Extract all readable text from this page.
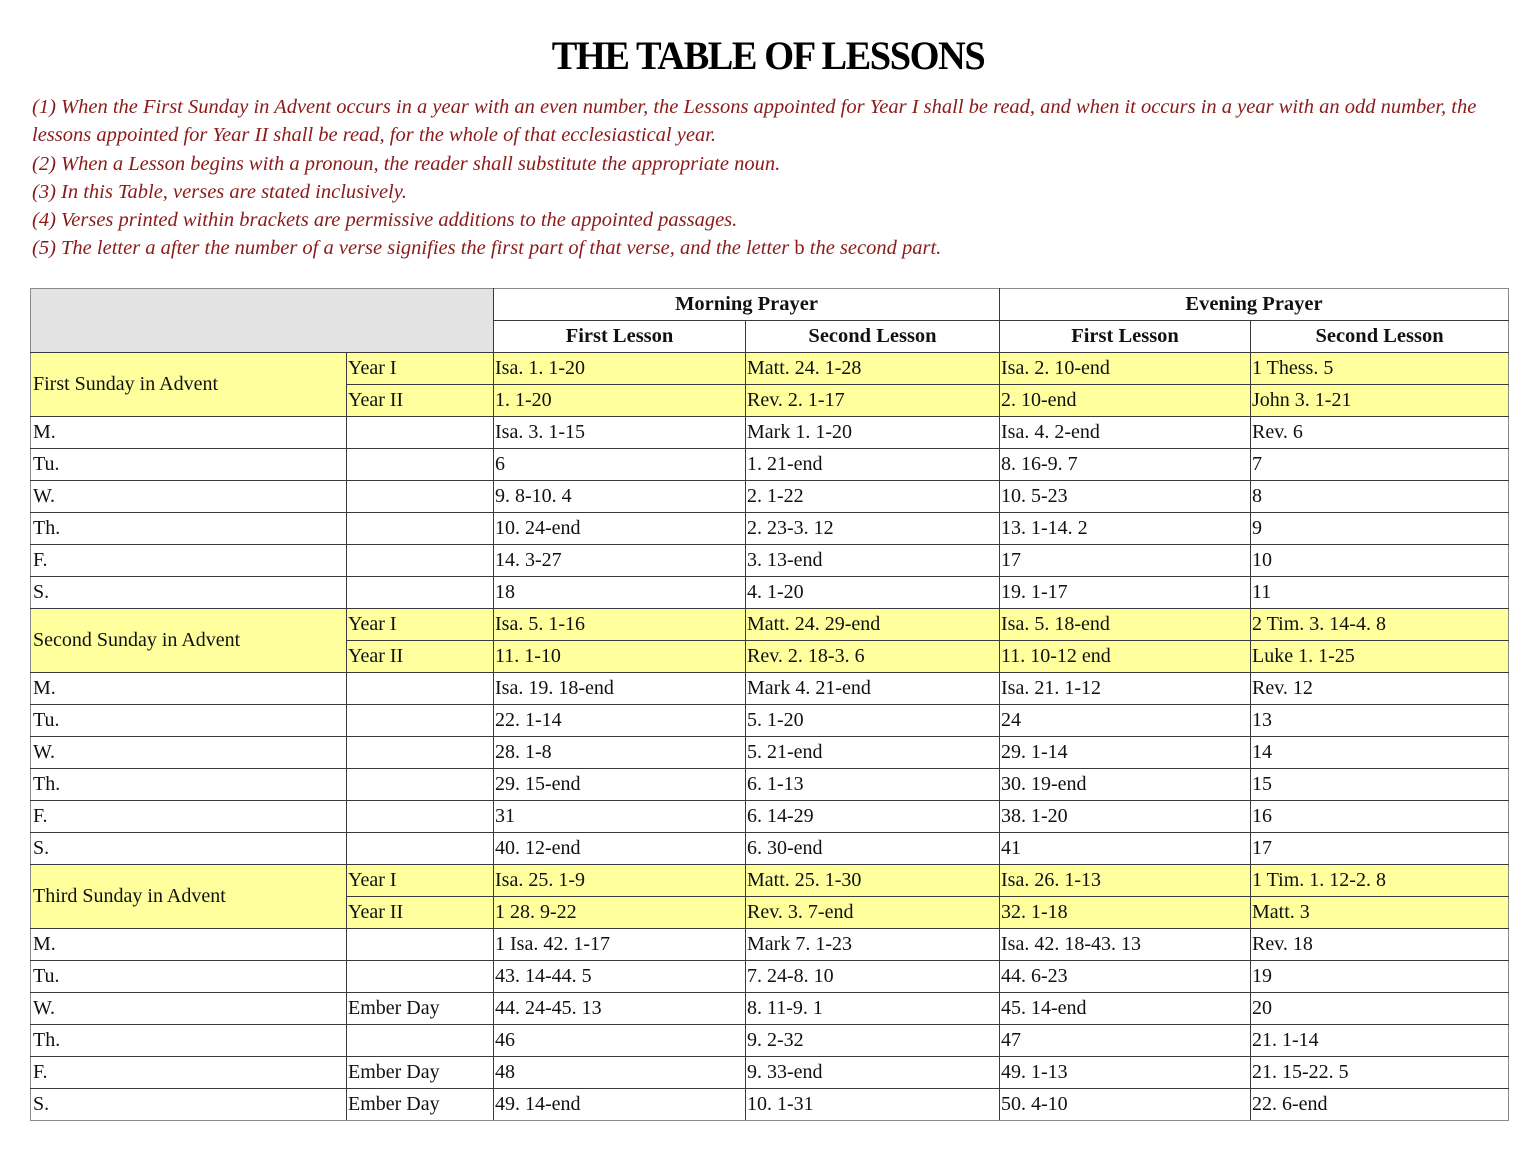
THE TABLE OF LESSONS

(1) When the First Sunday in Advent occurs in a year with an even number, the Lessons appointed for Year I shall be read, and when it occurs in a year with an odd number, the lessons appointed for Year II shall be read, for the whole of that ecclesiastical year.

(2) When a Lesson begins with a pronoun, the reader shall substitute the appropriate noun.

(3) In this Table, verses are stated inclusively.

(4) Verses printed within brackets are permissive additions to the appointed passages.

(5) The letter a after the number of a verse signifies the first part of that verse, and the letter b the second part.

		Morning Prayer		Evening Prayer	
		First Lesson	Second Lesson	First Lesson	Second Lesson
First Sunday in Advent	Year I	Isa. 1. 1-20	Matt. 24. 1-28	Isa. 2. 10-end	1 Thess. 5
	Year II	1. 1-20	Rev. 2. 1-17	2. 10-end	John 3. 1-21
M.		Isa. 3. 1-15	Mark 1. 1-20	Isa. 4. 2-end	Rev. 6
Tu.		6	1. 21-end	8. 16-9. 7	7
W.		9. 8-10. 4	2. 1-22	10. 5-23	8
Th.		10. 24-end	2. 23-3. 12	13. 1-14. 2	9
F.		14. 3-27	3. 13-end	17	10
S.		18	4. 1-20	19. 1-17	11
Second Sunday in Advent	Year I	Isa. 5. 1-16	Matt. 24. 29-end	Isa. 5. 18-end	2 Tim. 3. 14-4. 8
	Year II	11. 1-10	Rev. 2. 18-3. 6	11. 10-12 end	Luke 1. 1-25
M.		Isa. 19. 18-end	Mark 4. 21-end	Isa. 21. 1-12	Rev. 12
Tu.		22. 1-14	5. 1-20	24	13
W.		28. 1-8	5. 21-end	29. 1-14	14
Th.		29. 15-end	6. 1-13	30. 19-end	15
F.		31	6. 14-29	38. 1-20	16
S.		40. 12-end	6. 30-end	41	17
Third Sunday in Advent	Year I	Isa. 25. 1-9	Matt. 25. 1-30	Isa. 26. 1-13	1 Tim. 1. 12-2. 8
	Year II	1 28. 9-22	Rev. 3. 7-end	32. 1-18	Matt. 3
M.		1 Isa. 42. 1-17	Mark 7. 1-23	Isa. 42. 18-43. 13	Rev. 18
Tu.		43. 14-44. 5	7. 24-8. 10	44. 6-23	19
W.	Ember Day	44. 24-45. 13	8. 11-9. 1	45. 14-end	20
Th.		46	9. 2-32	47	21. 1-14
F.	Ember Day	48	9. 33-end	49. 1-13	21. 15-22. 5
S.	Ember Day	49. 14-end	10. 1-31	50. 4-10	22. 6-end
